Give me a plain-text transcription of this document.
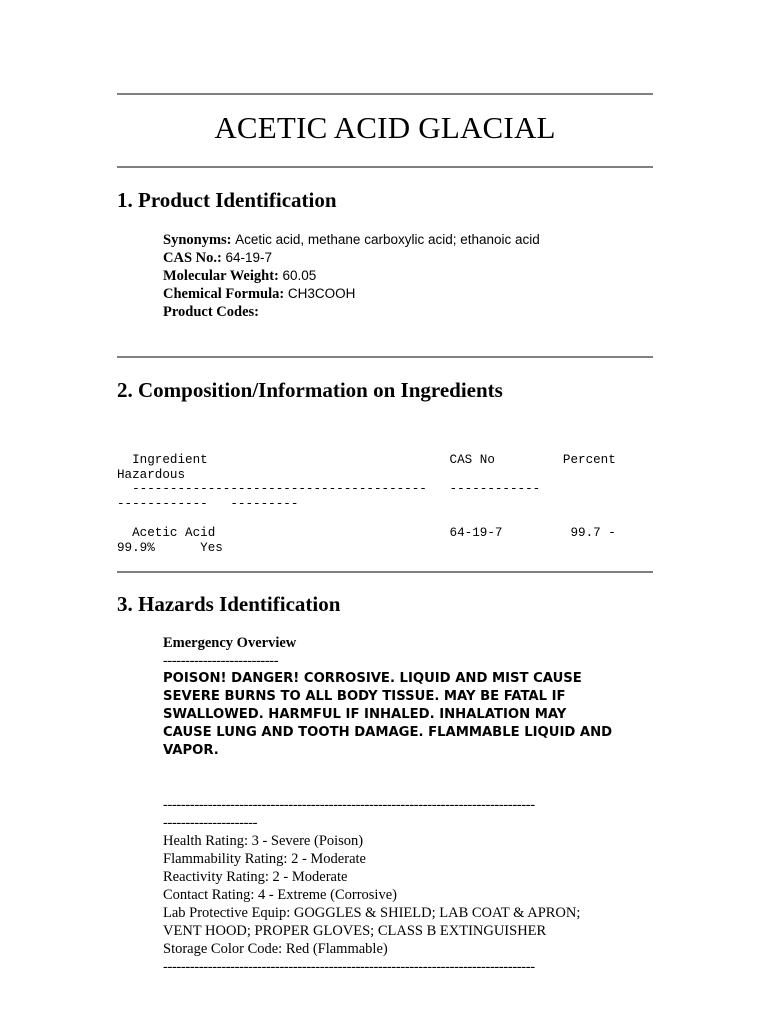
ACETIC ACID GLACIAL
1. Product Identification
Synonyms: Acetic acid, methane carboxylic acid; ethanoic acid
CAS No.: 64-19-7
Molecular Weight: 60.05
Chemical Formula: CH3COOH
Product Codes:
2. Composition/Information on Ingredients
Ingredient                                CAS No         Percent
Hazardous
---------------------------------------   ------------
------------   ---------

Acetic Acid                               64-19-7         99.7 -
99.9%      Yes
3. Hazards Identification
Emergency Overview
--------------------------
POISON! DANGER! CORROSIVE. LIQUID AND MIST CAUSE SEVERE BURNS TO ALL BODY TISSUE. MAY BE FATAL IF SWALLOWED. HARMFUL IF INHALED. INHALATION MAY CAUSE LUNG AND TOOTH DAMAGE. FLAMMABLE LIQUID AND VAPOR.
-----------------------------------------------------------------------------------
---------------------
Health Rating: 3 - Severe (Poison)
Flammability Rating: 2 - Moderate
Reactivity Rating: 2 - Moderate
Contact Rating: 4 - Extreme (Corrosive)
Lab Protective Equip: GOGGLES & SHIELD; LAB COAT & APRON; VENT HOOD; PROPER GLOVES; CLASS B EXTINGUISHER
Storage Color Code: Red (Flammable)
-----------------------------------------------------------------------------------
